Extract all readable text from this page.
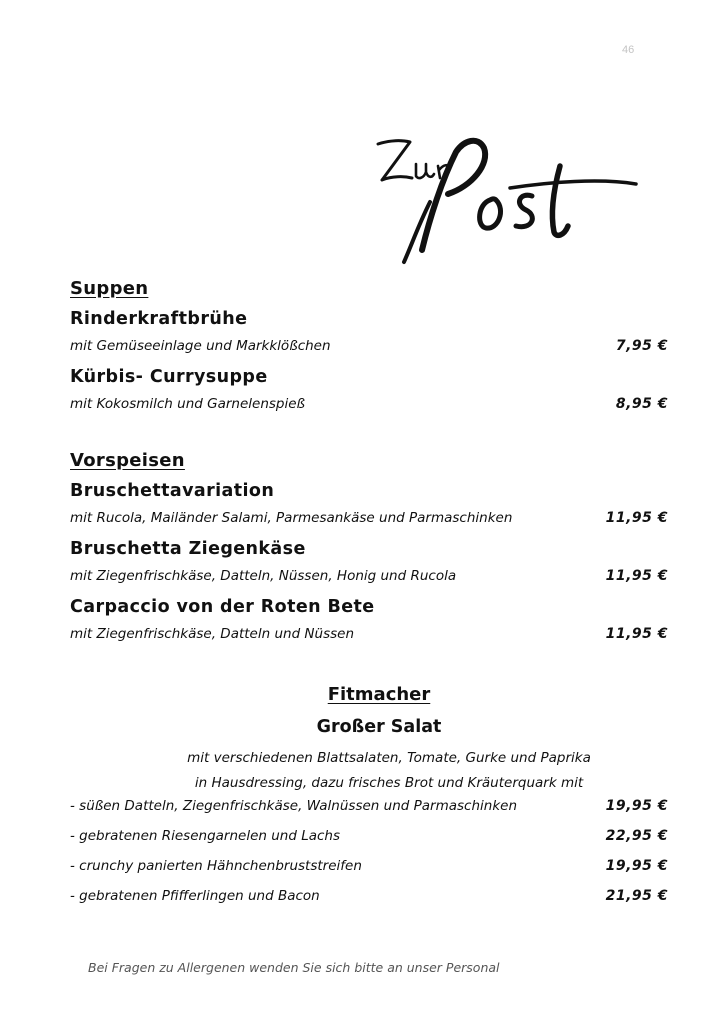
46
Suppen
Rinderkraftbrühe
mit Gemüseeinlage und Markklößchen	7,95 €
Kürbis- Currysuppe
mit Kokosmilch und Garnelenspieß	8,95 €
Vorspeisen
Bruschettavariation
mit Rucola, Mailänder Salami, Parmesankäse und Parmaschinken	11,95 €
Bruschetta Ziegenkäse
mit Ziegenfrischkäse, Datteln, Nüssen, Honig und Rucola	11,95 €
Carpaccio von der Roten Bete
mit Ziegenfrischkäse, Datteln und Nüssen	11,95 €
Fitmacher
Großer Salat
mit verschiedenen Blattsalaten, Tomate, Gurke und Paprika
in Hausdressing, dazu frisches Brot und Kräuterquark mit
- süßen Datteln, Ziegenfrischkäse, Walnüssen und Parmaschinken	19,95 €
- gebratenen Riesengarnelen und Lachs	22,95 €
- crunchy panierten Hähnchenbruststreifen	19,95 €
- gebratenen Pfifferlingen und Bacon	21,95 €
Bei Fragen zu Allergenen wenden Sie sich bitte an unser Personal
